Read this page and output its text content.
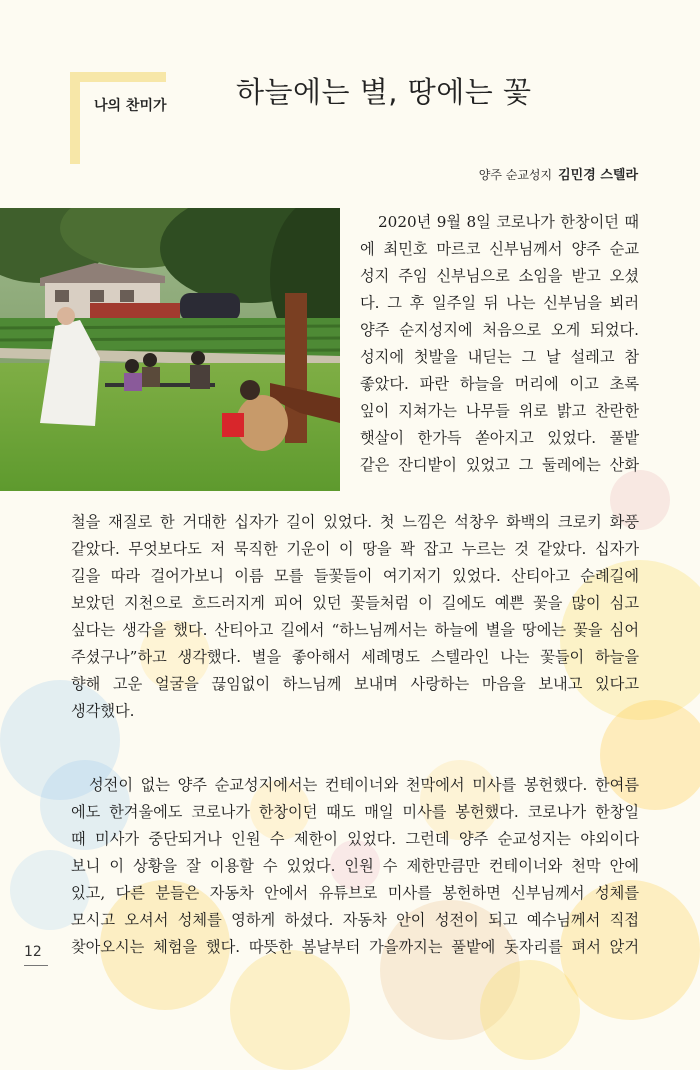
나의 찬미가 하늘에는 별, 땅에는 꽃
양주 순교성지 김민경 스텔라
2020년 9월 8일 코로나가 한창이던 때
에 최민호 마르코 신부님께서 양주 순교
성지 주임 신부님으로 소임을 받고 오셨
다. 그 후 일주일 뒤 나는 신부님을 뵈러
양주 순지성지에 처음으로 오게 되었다.
성지에 첫발을 내딛는 그 날 설레고 참
좋았다. 파란 하늘을 머리에 이고 초록
잎이 지쳐가는 나무들 위로 밝고 찬란한
햇살이 한가득 쏟아지고 있었다. 풀밭
같은 잔디밭이 있었고 그 둘레에는 산화
철을 재질로 한 거대한 십자가 길이 있었다. 첫 느낌은 석창우 화백의 크로키 화풍
같았다. 무엇보다도 저 묵직한 기운이 이 땅을 꽉 잡고 누르는 것 같았다. 십자가
길을 따라 걸어가보니 이름 모를 들꽃들이 여기저기 있었다. 산티아고 순례길에
보았던 지천으로 흐드러지게 피어 있던 꽃들처럼 이 길에도 예쁜 꽃을 많이 심고
싶다는 생각을 했다. 산티아고 길에서 “하느님께서는 하늘에 별을 땅에는 꽃을 심어
주셨구나”하고 생각했다. 별을 좋아해서 세례명도 스텔라인 나는 꽃들이 하늘을
향해 고운 얼굴을 끊임없이 하느님께 보내며 사랑하는 마음을 보내고 있다고
생각했다.
성전이 없는 양주 순교성지에서는 컨테이너와 천막에서 미사를 봉헌했다. 한여름
에도 한겨울에도 코로나가 한창이던 때도 매일 미사를 봉헌했다. 코로나가 한창일
때 미사가 중단되거나 인원 수 제한이 있었다. 그런데 양주 순교성지는 야외이다
보니 이 상황을 잘 이용할 수 있었다. 인원 수 제한만큼만 컨테이너와 천막 안에
있고, 다른 분들은 자동차 안에서 유튜브로 미사를 봉헌하면 신부님께서 성체를
모시고 오셔서 성체를 영하게 하셨다. 자동차 안이 성전이 되고 예수님께서 직접
찾아오시는 체험을 했다. 따뜻한 봄날부터 가을까지는 풀밭에 돗자리를 펴서 앉거
12
